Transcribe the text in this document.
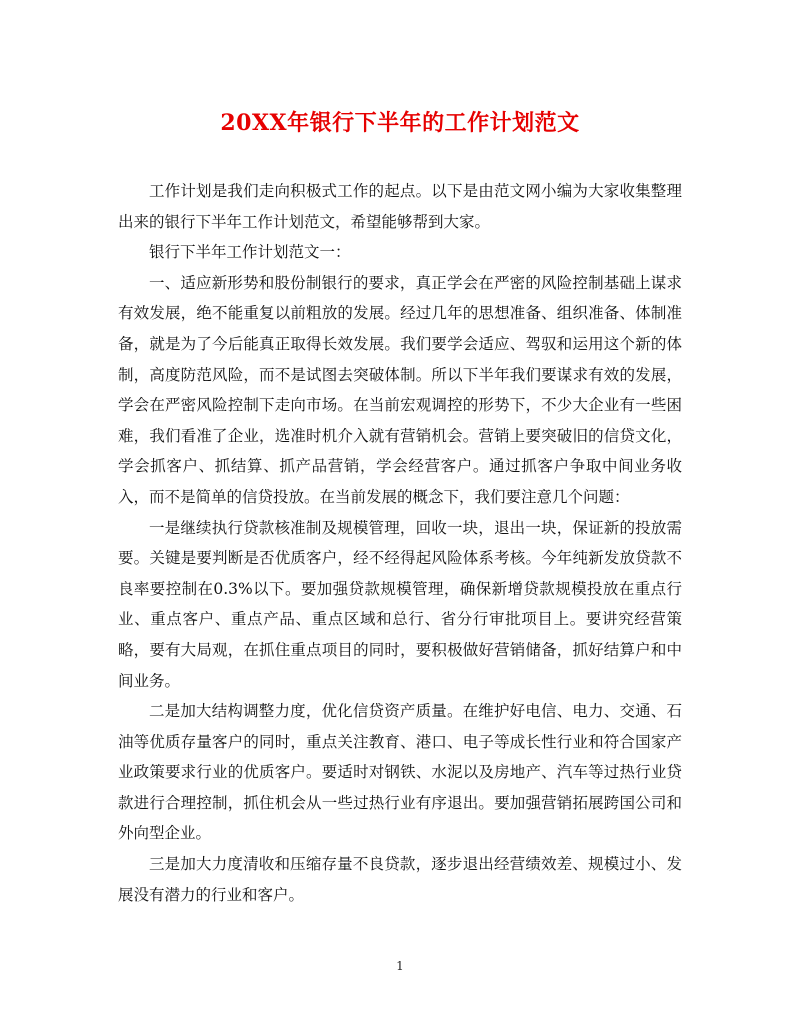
20XX年银行下半年的工作计划范文

工作计划是我们走向积极式工作的起点。以下是由范文网小编为大家收集整理出来的银行下半年工作计划范文，希望能够帮到大家。

银行下半年工作计划范文一：

一、适应新形势和股份制银行的要求，真正学会在严密的风险控制基础上谋求有效发展，绝不能重复以前粗放的发展。经过几年的思想准备、组织准备、体制准备，就是为了今后能真正取得长效发展。我们要学会适应、驾驭和运用这个新的体制，高度防范风险，而不是试图去突破体制。所以下半年我们要谋求有效的发展，学会在严密风险控制下走向市场。在当前宏观调控的形势下，不少大企业有一些困难，我们看准了企业，选准时机介入就有营销机会。营销上要突破旧的信贷文化，学会抓客户、抓结算、抓产品营销，学会经营客户。通过抓客户争取中间业务收入，而不是简单的信贷投放。在当前发展的概念下，我们要注意几个问题：

一是继续执行贷款核准制及规模管理，回收一块，退出一块，保证新的投放需要。关键是要判断是否优质客户，经不经得起风险体系考核。今年纯新发放贷款不良率要控制在0.3%以下。要加强贷款规模管理，确保新增贷款规模投放在重点行业、重点客户、重点产品、重点区域和总行、省分行审批项目上。要讲究经营策略，要有大局观，在抓住重点项目的同时，要积极做好营销储备，抓好结算户和中间业务。

二是加大结构调整力度，优化信贷资产质量。在维护好电信、电力、交通、石油等优质存量客户的同时，重点关注教育、港口、电子等成长性行业和符合国家产业政策要求行业的优质客户。要适时对钢铁、水泥以及房地产、汽车等过热行业贷款进行合理控制，抓住机会从一些过热行业有序退出。要加强营销拓展跨国公司和外向型企业。

三是加大力度清收和压缩存量不良贷款，逐步退出经营绩效差、规模过小、发展没有潜力的行业和客户。

1
